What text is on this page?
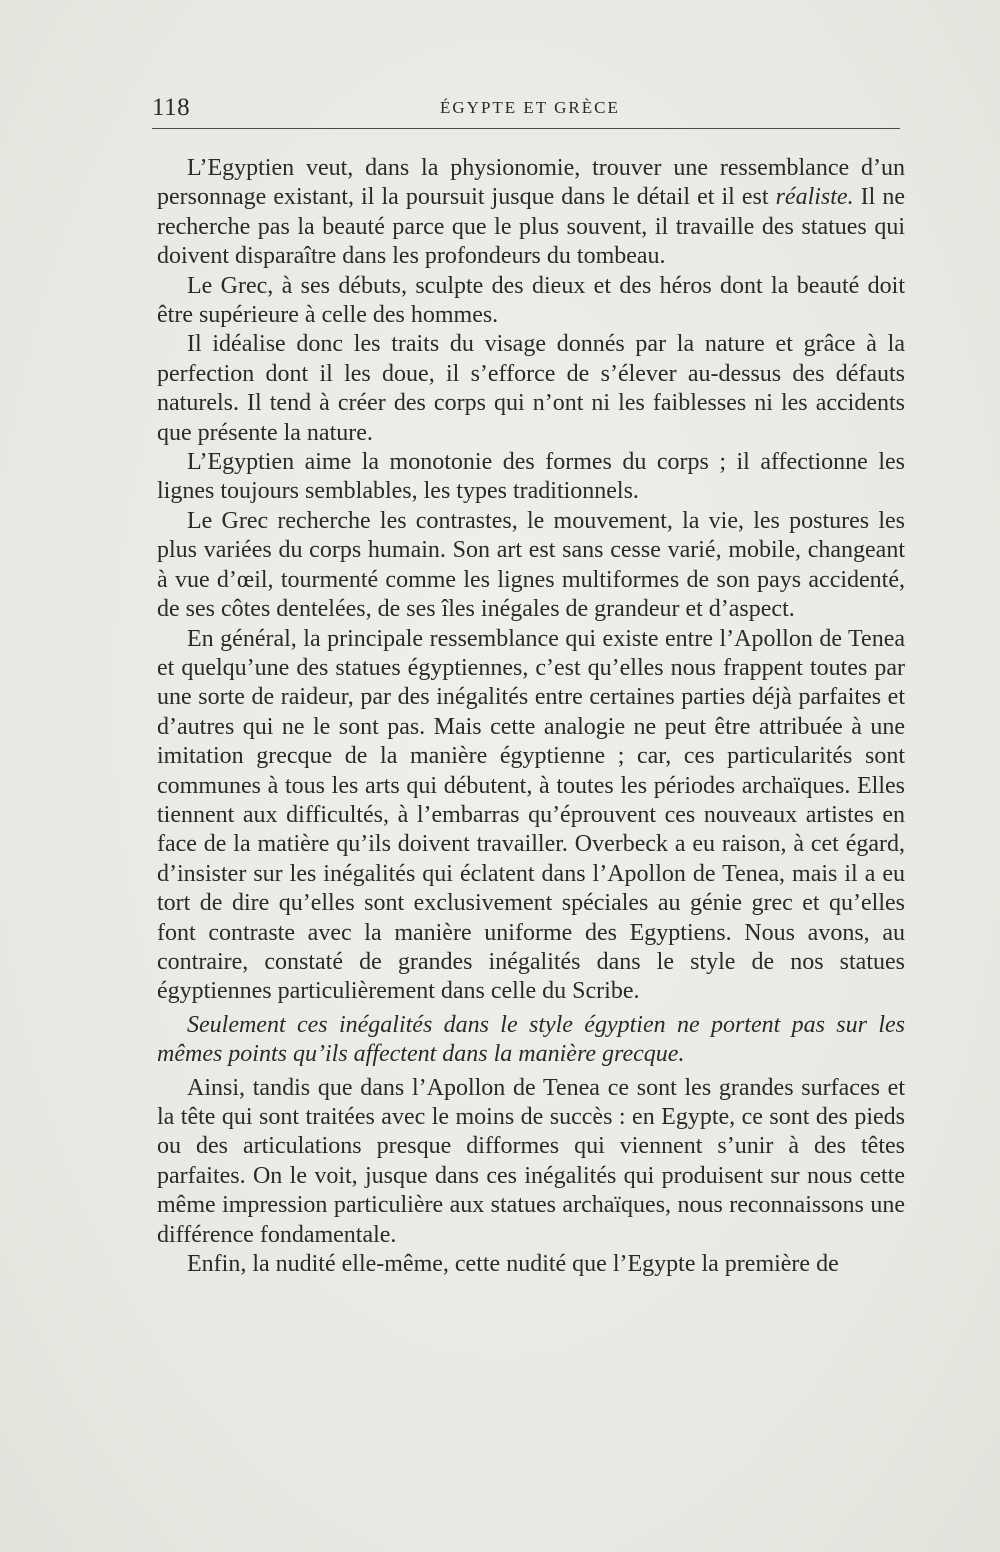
118	ÉGYPTE ET GRÈCE

L’Egyptien veut, dans la physionomie, trouver une ressemblance d’un personnage existant, il la poursuit jusque dans le détail et il est réaliste. Il ne recherche pas la beauté parce que le plus souvent, il travaille des statues qui doivent disparaître dans les profondeurs du tombeau.

Le Grec, à ses débuts, sculpte des dieux et des héros dont la beauté doit être supérieure à celle des hommes.

Il idéalise donc les traits du visage donnés par la nature et grâce à la perfection dont il les doue, il s’efforce de s’élever au-dessus des défauts naturels. Il tend à créer des corps qui n’ont ni les faiblesses ni les accidents que présente la nature.

L’Egyptien aime la monotonie des formes du corps ; il affectionne les lignes toujours semblables, les types traditionnels.

Le Grec recherche les contrastes, le mouvement, la vie, les postures les plus variées du corps humain. Son art est sans cesse varié, mobile, changeant à vue d’œil, tourmenté comme les lignes multiformes de son pays accidenté, de ses côtes dentelées, de ses îles inégales de grandeur et d’aspect.

En général, la principale ressemblance qui existe entre l’Apollon de Tenea et quelqu’une des statues égyptiennes, c’est qu’elles nous frappent toutes par une sorte de raideur, par des inégalités entre certaines parties déjà parfaites et d’autres qui ne le sont pas. Mais cette analogie ne peut être attribuée à une imitation grecque de la manière égyptienne ; car, ces particularités sont communes à tous les arts qui débutent, à toutes les périodes archaïques. Elles tiennent aux difficultés, à l’embarras qu’éprouvent ces nouveaux artistes en face de la matière qu’ils doivent travailler. Overbeck a eu raison, à cet égard, d’insister sur les inégalités qui éclatent dans l’Apollon de Tenea, mais il a eu tort de dire qu’elles sont exclusivement spéciales au génie grec et qu’elles font contraste avec la manière uniforme des Egyptiens. Nous avons, au contraire, constaté de grandes inégalités dans le style de nos statues égyptiennes particulièrement dans celle du Scribe.

Seulement ces inégalités dans le style égyptien ne portent pas sur les mêmes points qu’ils affectent dans la manière grecque.

Ainsi, tandis que dans l’Apollon de Tenea ce sont les grandes surfaces et la tête qui sont traitées avec le moins de succès : en Egypte, ce sont des pieds ou des articulations presque difformes qui viennent s’unir à des têtes parfaites. On le voit, jusque dans ces inégalités qui produisent sur nous cette même impression particulière aux statues archaïques, nous reconnaissons une différence fondamentale.

Enfin, la nudité elle-même, cette nudité que l’Egypte la première de
